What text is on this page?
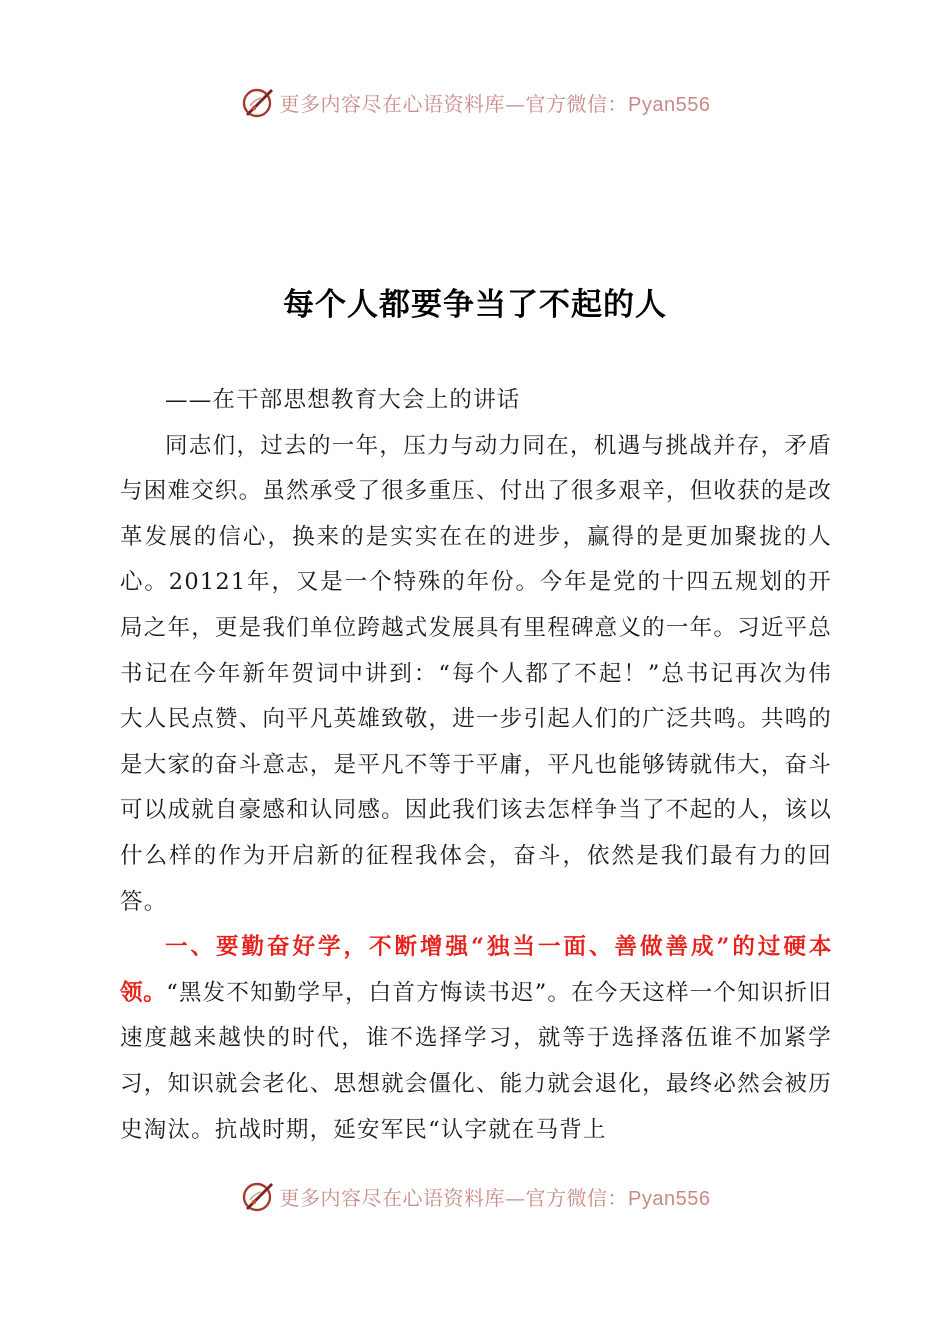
更多内容尽在心语资料库—官方微信：Pyan556
每个人都要争当了不起的人

——在干部思想教育大会上的讲话

同志们，过去的一年，压力与动力同在，机遇与挑战并存，矛盾与困难交织。虽然承受了很多重压、付出了很多艰辛，但收获的是改革发展的信心，换来的是实实在在的进步，赢得的是更加聚拢的人心。20121年，又是一个特殊的年份。今年是党的十四五规划的开局之年，更是我们单位跨越式发展具有里程碑意义的一年。习近平总书记在今年新年贺词中讲到：“每个人都了不起！”总书记再次为伟大人民点赞、向平凡英雄致敬，进一步引起人们的广泛共鸣。共鸣的是大家的奋斗意志，是平凡不等于平庸，平凡也能够铸就伟大，奋斗可以成就自豪感和认同感。因此我们该去怎样争当了不起的人，该以什么样的作为开启新的征程我体会，奋斗，依然是我们最有力的回答。

一、要勤奋好学，不断增强“独当一面、善做善成”的过硬本领。“黑发不知勤学早，白首方悔读书迟”。在今天这样一个知识折旧速度越来越快的时代，谁不选择学习，就等于选择落伍谁不加紧学习，知识就会老化、思想就会僵化、能力就会退化，最终必然会被历史淘汰。抗战时期，延安军民“认字就在马背上

更多内容尽在心语资料库—官方微信：Pyan556
